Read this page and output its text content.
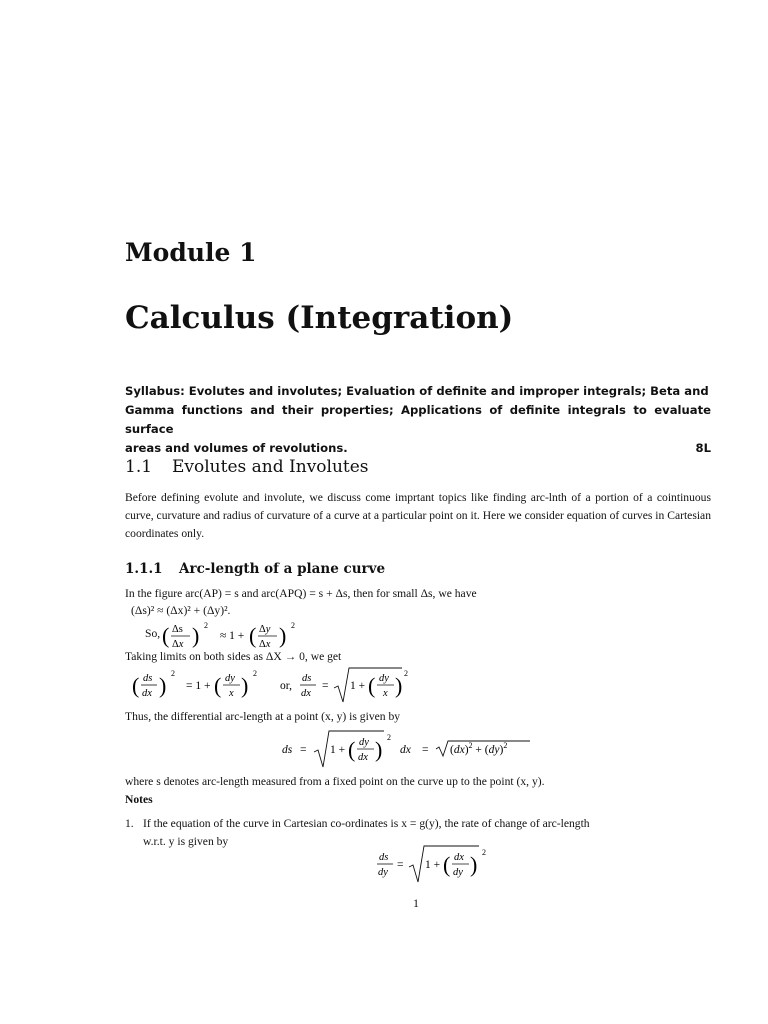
Module 1
Calculus (Integration)
Syllabus: Evolutes and involutes; Evaluation of definite and improper integrals; Beta and
Gamma functions and their properties; Applications of definite integrals to evaluate surface
areas and volumes of revolutions.	8L
1.1 Evolutes and Involutes
Before defining evolute and involute, we discuss come imprtant topics like finding arc-lnth of a portion of a cointinuous curve, curvature and radius of curvature of a curve at a particular point on it. Here we consider equation of curves in Cartesian coordinates only.
1.1.1 Arc-length of a plane curve
In the figure arc(AP) = s and arc(APQ) = s + Δs, then for small Δs, we have
(Δs)² ≈ (Δx)² + (Δy)².
So, ( Δs
Δx ) 2
≈ 1 + ( Δy
Δx ) 2
Taking limits on both sides as ΔX → 0, we get
( ds
dx ) 2
= 1 + ( dy
x ) 2
or,
ds
dx
= 1 + ( dy
x ) 2
Thus, the differential arc-length at a point (x, y) is given by
ds = 1 + ( dy
dx ) 2
dx = (dx)$^2$ + (dy)$^2$
where s denotes arc-length measured from a fixed point on the curve up to the point (x, y).
Notes
1. If the equation of the curve in Cartesian co-ordinates is x = g(y), the rate of change of arc-length
w.r.t. y is given by
ds
dy
= 1 + ( dx
dy ) 2
1
